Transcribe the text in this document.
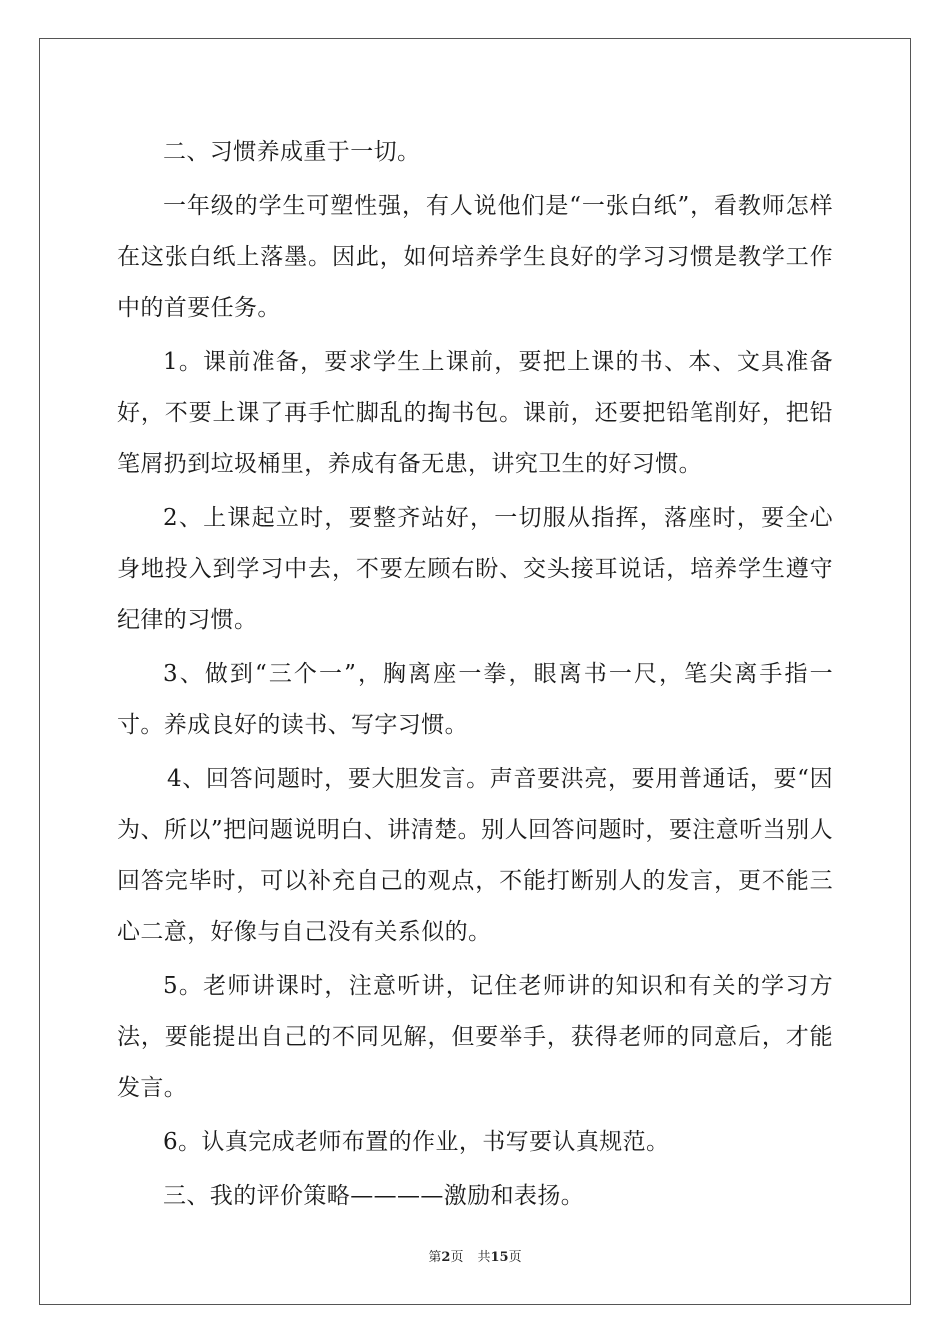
二、习惯养成重于一切。

一年级的学生可塑性强，有人说他们是“一张白纸”，看教师怎样在这张白纸上落墨。因此，如何培养学生良好的学习习惯是教学工作中的首要任务。

1。课前准备，要求学生上课前，要把上课的书、本、文具准备好，不要上课了再手忙脚乱的掏书包。课前，还要把铅笔削好，把铅笔屑扔到垃圾桶里，养成有备无患，讲究卫生的好习惯。

2、上课起立时，要整齐站好，一切服从指挥，落座时，要全心身地投入到学习中去，不要左顾右盼、交头接耳说话，培养学生遵守纪律的习惯。

3、做到“三个一”，胸离座一拳，眼离书一尺，笔尖离手指一寸。养成良好的读书、写字习惯。

4、回答问题时，要大胆发言。声音要洪亮，要用普通话，要“因为、所以”把问题说明白、讲清楚。别人回答问题时，要注意听当别人回答完毕时，可以补充自己的观点，不能打断别人的发言，更不能三心二意，好像与自己没有关系似的。

5。老师讲课时，注意听讲，记住老师讲的知识和有关的学习方法，要能提出自己的不同见解，但要举手，获得老师的同意后，才能发言。

6。认真完成老师布置的作业，书写要认真规范。

三、我的评价策略————激励和表扬。

第2页 共15页
